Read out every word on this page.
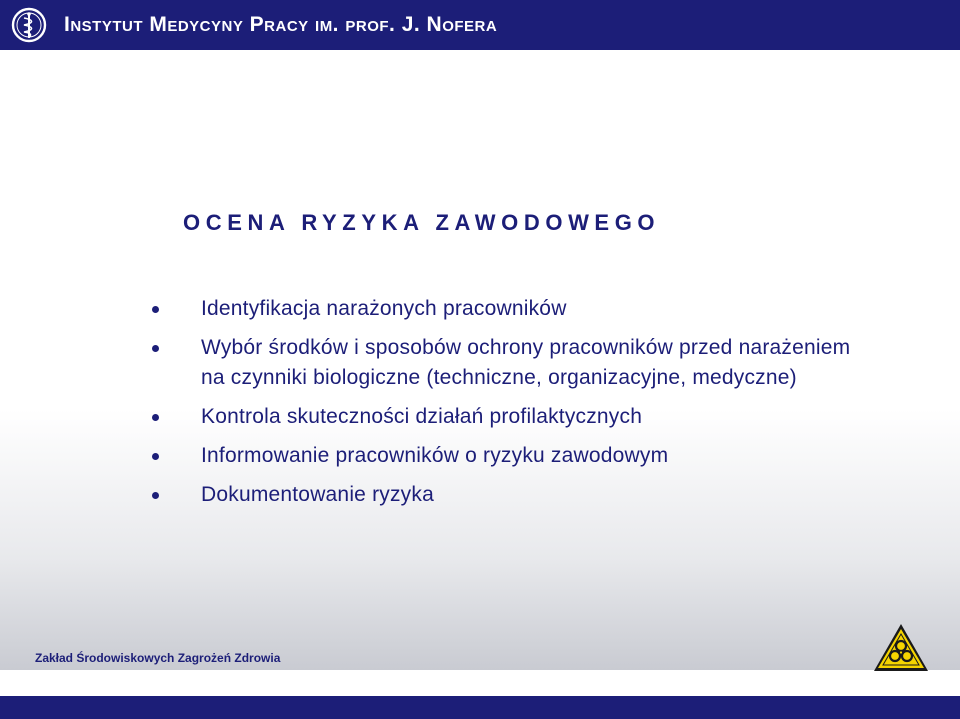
Instytut Medycyny Pracy im. prof. J. Nofera
OCENA RYZYKA ZAWODOWEGO
Identyfikacja narażonych pracowników
Wybór środków i sposobów ochrony pracowników przed narażeniem na czynniki biologiczne (techniczne, organizacyjne, medyczne)
Kontrola skuteczności działań profilaktycznych
Informowanie pracowników o ryzyku zawodowym
Dokumentowanie ryzyka
Zakład Środowiskowych Zagrożeń Zdrowia
